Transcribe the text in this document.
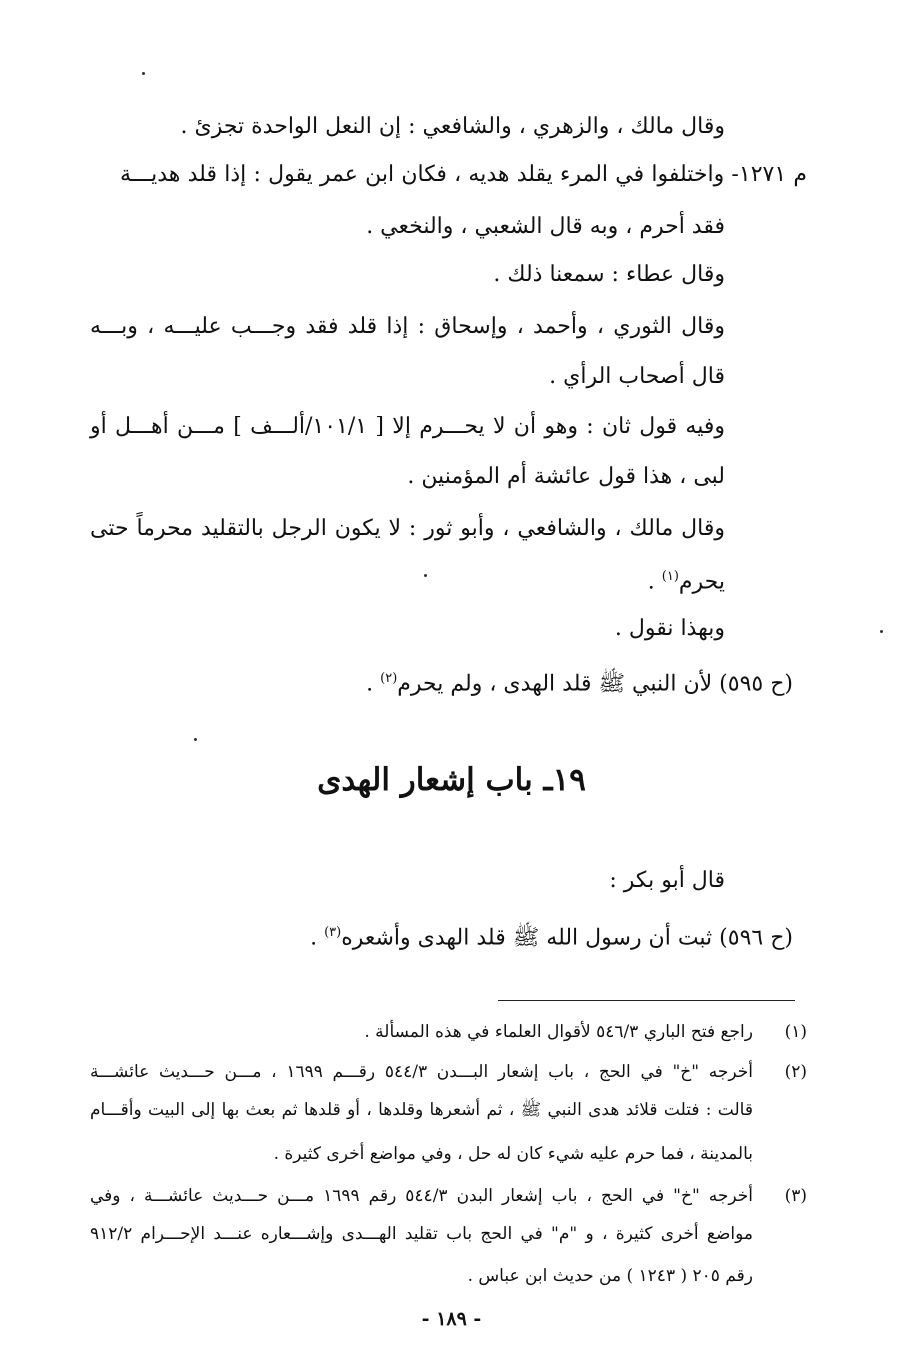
وقال مالك ، والزهري ، والشافعي : إن النعل الواحدة تجزئ .
م ١٢٧١- واختلفوا في المرء يقلد هديه ، فكان ابن عمر يقول : إذا قلد هديـــة
فقد أحرم ، وبه قال الشعبي ، والنخعي .
وقال عطاء : سمعنا ذلك .
وقال الثوري ، وأحمد ، وإسحاق : إذا قلد فقد وجـــب عليـــه ، وبـــه
قال أصحاب الرأي .
وفيه قول ثان : وهو أن لا يحـــرم إلا [ ١٠١/١/ألـــف ] مـــن أهـــل أو
لبى ، هذا قول عائشة أم المؤمنين .
وقال مالك ، والشافعي ، وأبو ثور : لا يكون الرجل بالتقليد محرماً حتى
يحرم$^{(١)}$ .
وبهذا نقول .
(ح ٥٩٥) لأن النبي ﷺ قلد الهدى ، ولم يحرم$^{(٢)}$ .
١٩ـ باب إشعار الهدى
قال أبو بكر :
(ح ٥٩٦) ثبت أن رسول الله ﷺ قلد الهدى وأشعره$^{(٣)}$ .
(١)
راجع فتح الباري ٥٤٦/٣ لأقوال العلماء في هذه المسألة .
(٢)
أخرجه "خ" في الحج ، باب إشعار البـــدن ٥٤٤/٣ رقـــم ١٦٩٩ ، مـــن حـــديث عائشـــة
قالت : فتلت قلائد هدى النبي ﷺ ، ثم أشعرها وقلدها ، أو قلدها ثم بعث بها إلى البيت وأقـــام
بالمدينة ، فما حرم عليه شيء كان له حل ، وفي مواضع أخرى كثيرة .
(٣)
أخرجه "خ" في الحج ، باب إشعار البدن ٥٤٤/٣ رقم ١٦٩٩ مـــن حـــديث عائشـــة ، وفي
مواضع أخرى كثيرة ، و "م" في الحج باب تقليد الهـــدى وإشـــعاره عنـــد الإحـــرام ٩١٢/٢
رقم ٢٠٥ ( ١٢٤٣ ) من حديث ابن عباس .
- ١٨٩ -
